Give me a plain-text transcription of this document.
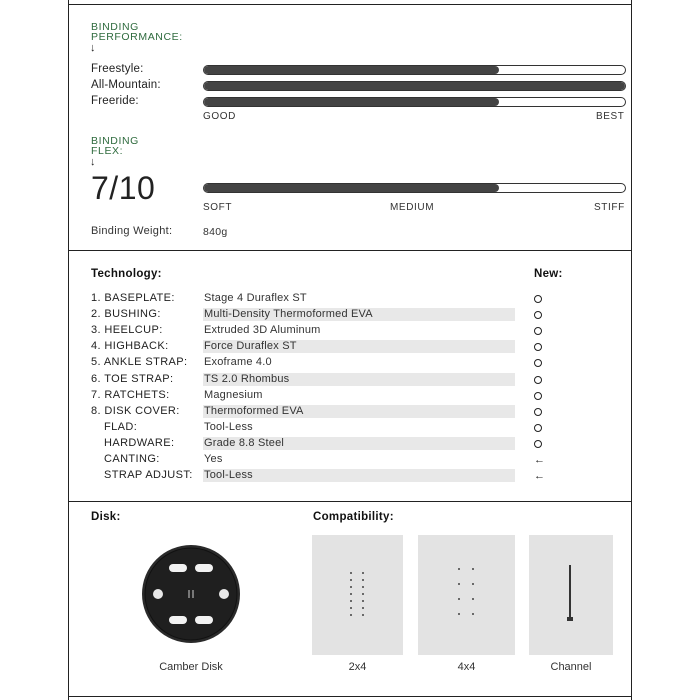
BINDING
PERFORMANCE:
↓
Freestyle:
All-Mountain:
Freeride:
GOOD	BEST
BINDING
FLEX:
↓
7/10
SOFT	MEDIUM	STIFF
Binding Weight:	840g
Technology:	New:
1. BASEPLATE:	Stage 4 Duraflex ST
2. BUSHING:	Multi-Density Thermoformed EVA
3. HEELCUP:	Extruded 3D Aluminum
4. HIGHBACK:	Force Duraflex ST
5. ANKLE STRAP: Exoframe 4.0
6. TOE STRAP:	TS 2.0 Rhombus
7. RATCHETS:	Magnesium
8. DISK COVER: Thermoformed EVA
FLAD:	Tool-Less
HARDWARE:	Grade 8.8 Steel
CANTING:	Yes	←
STRAP ADJUST: Tool-Less	←
Disk:
Camber Disk
Compatibility:
2x4	4x4	Channel
